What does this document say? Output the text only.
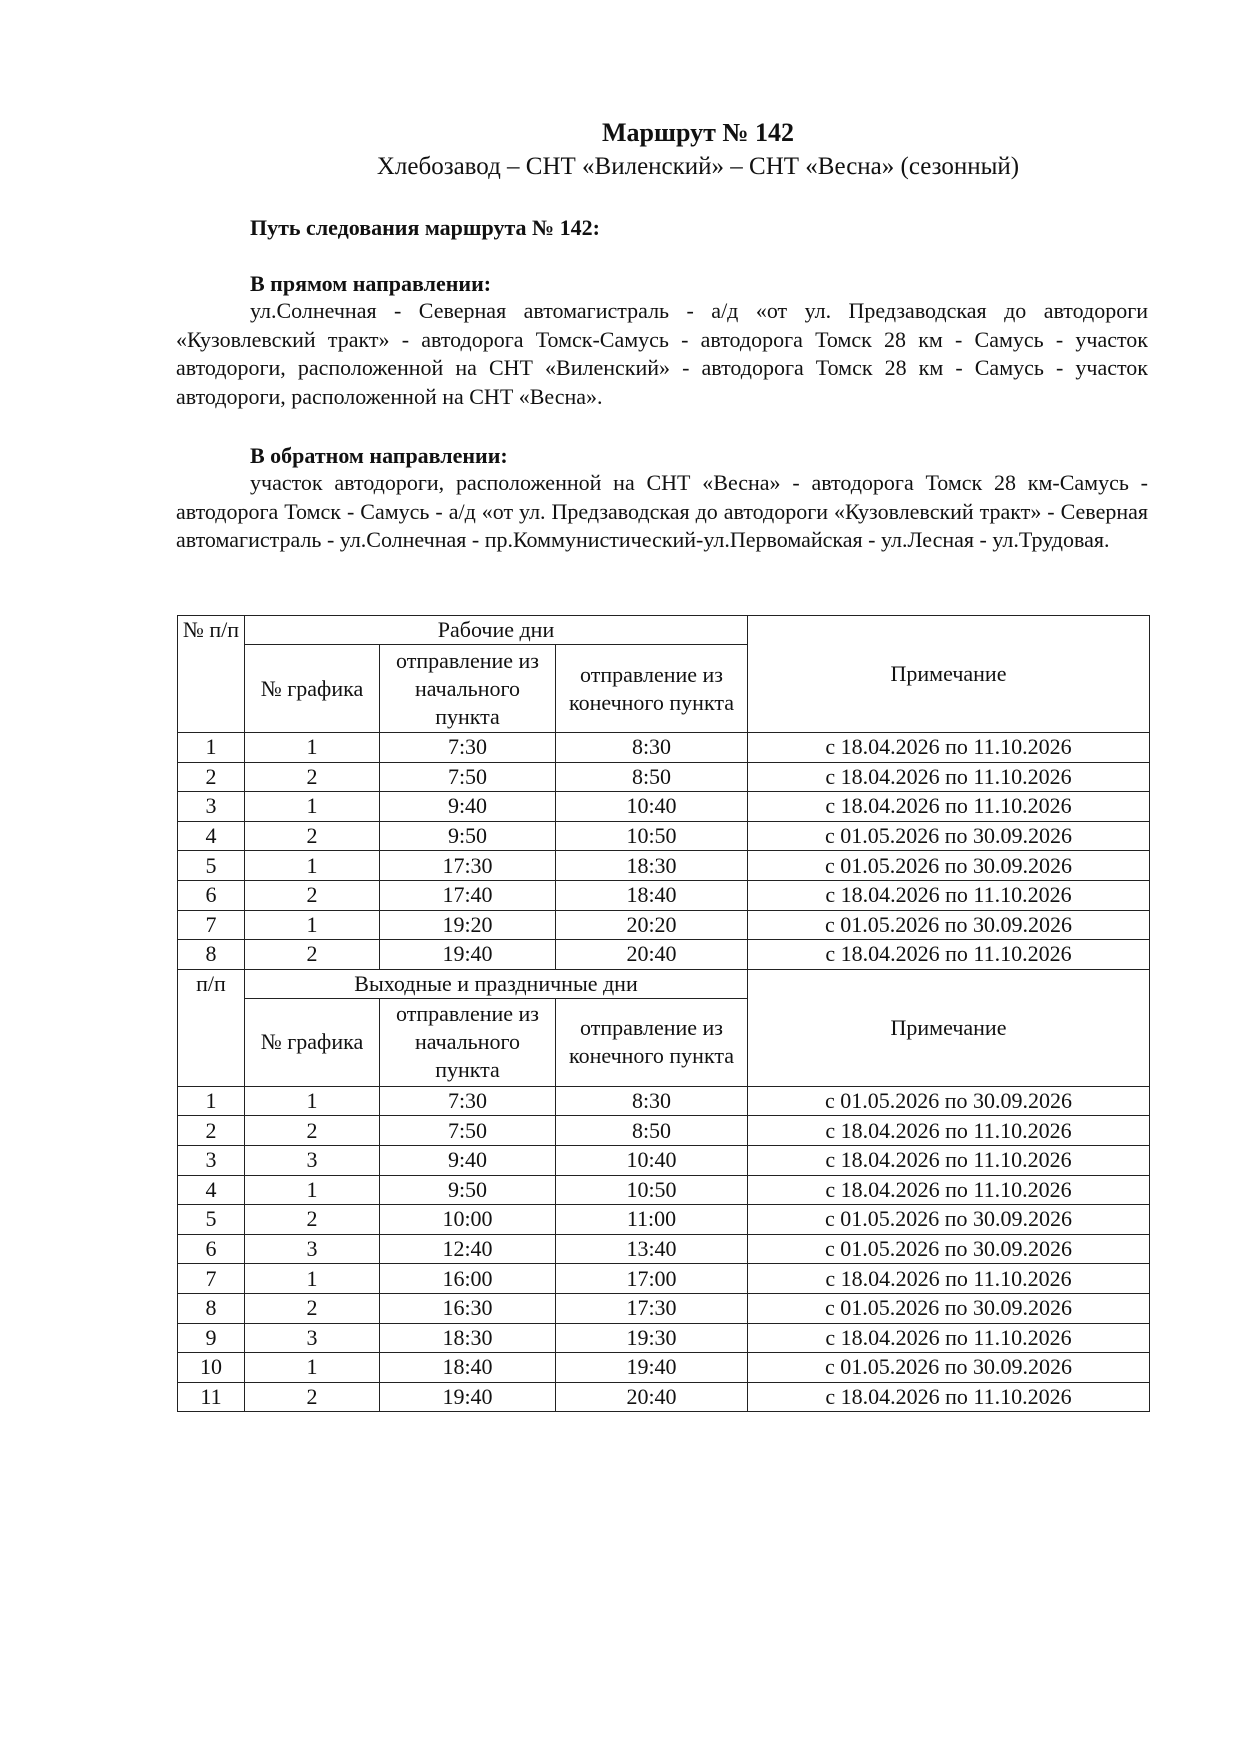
Маршрут № 142
Хлебозавод – СНТ «Виленский» – СНТ «Весна» (сезонный)
Путь следования маршрута № 142:
В прямом направлении:

ул.Солнечная - Северная автомагистраль - а/д «от ул. Предзаводская до автодороги «Кузовлевский тракт» - автодорога Томск-Самусь - автодорога Томск 28 км - Самусь - участок автодороги, расположенной на СНТ «Виленский» - автодорога Томск 28 км - Самусь - участок автодороги, расположенной на СНТ «Весна».

В обратном направлении:

участок автодороги, расположенной на СНТ «Весна» - автодорога Томск 28 км-Самусь - автодорога Томск - Самусь - а/д «от ул. Предзаводская до автодороги «Кузовлевский тракт» - Северная автомагистраль - ул.Солнечная - пр.Коммунистический-ул.Первомайская - ул.Лесная - ул.Трудовая.

№ п/п	Рабочие дни			Примечание
	№ графика	отправление из начального пункта	отправление из конечного пункта	
1	1	7:30	8:30	с 18.04.2026 по 11.10.2026
2	2	7:50	8:50	с 18.04.2026 по 11.10.2026
3	1	9:40	10:40	с 18.04.2026 по 11.10.2026
4	2	9:50	10:50	с 01.05.2026 по 30.09.2026
5	1	17:30	18:30	с 01.05.2026 по 30.09.2026
6	2	17:40	18:40	с 18.04.2026 по 11.10.2026
7	1	19:20	20:20	с 01.05.2026 по 30.09.2026
8	2	19:40	20:40	с 18.04.2026 по 11.10.2026
п/п	Выходные и праздничные дни			Примечание
	№ графика	отправление из начального пункта	отправление из конечного пункта	
1	1	7:30	8:30	с 01.05.2026 по 30.09.2026
2	2	7:50	8:50	с 18.04.2026 по 11.10.2026
3	3	9:40	10:40	с 18.04.2026 по 11.10.2026
4	1	9:50	10:50	с 18.04.2026 по 11.10.2026
5	2	10:00	11:00	с 01.05.2026 по 30.09.2026
6	3	12:40	13:40	с 01.05.2026 по 30.09.2026
7	1	16:00	17:00	с 18.04.2026 по 11.10.2026
8	2	16:30	17:30	с 01.05.2026 по 30.09.2026
9	3	18:30	19:30	с 18.04.2026 по 11.10.2026
10	1	18:40	19:40	с 01.05.2026 по 30.09.2026
11	2	19:40	20:40	с 18.04.2026 по 11.10.2026
